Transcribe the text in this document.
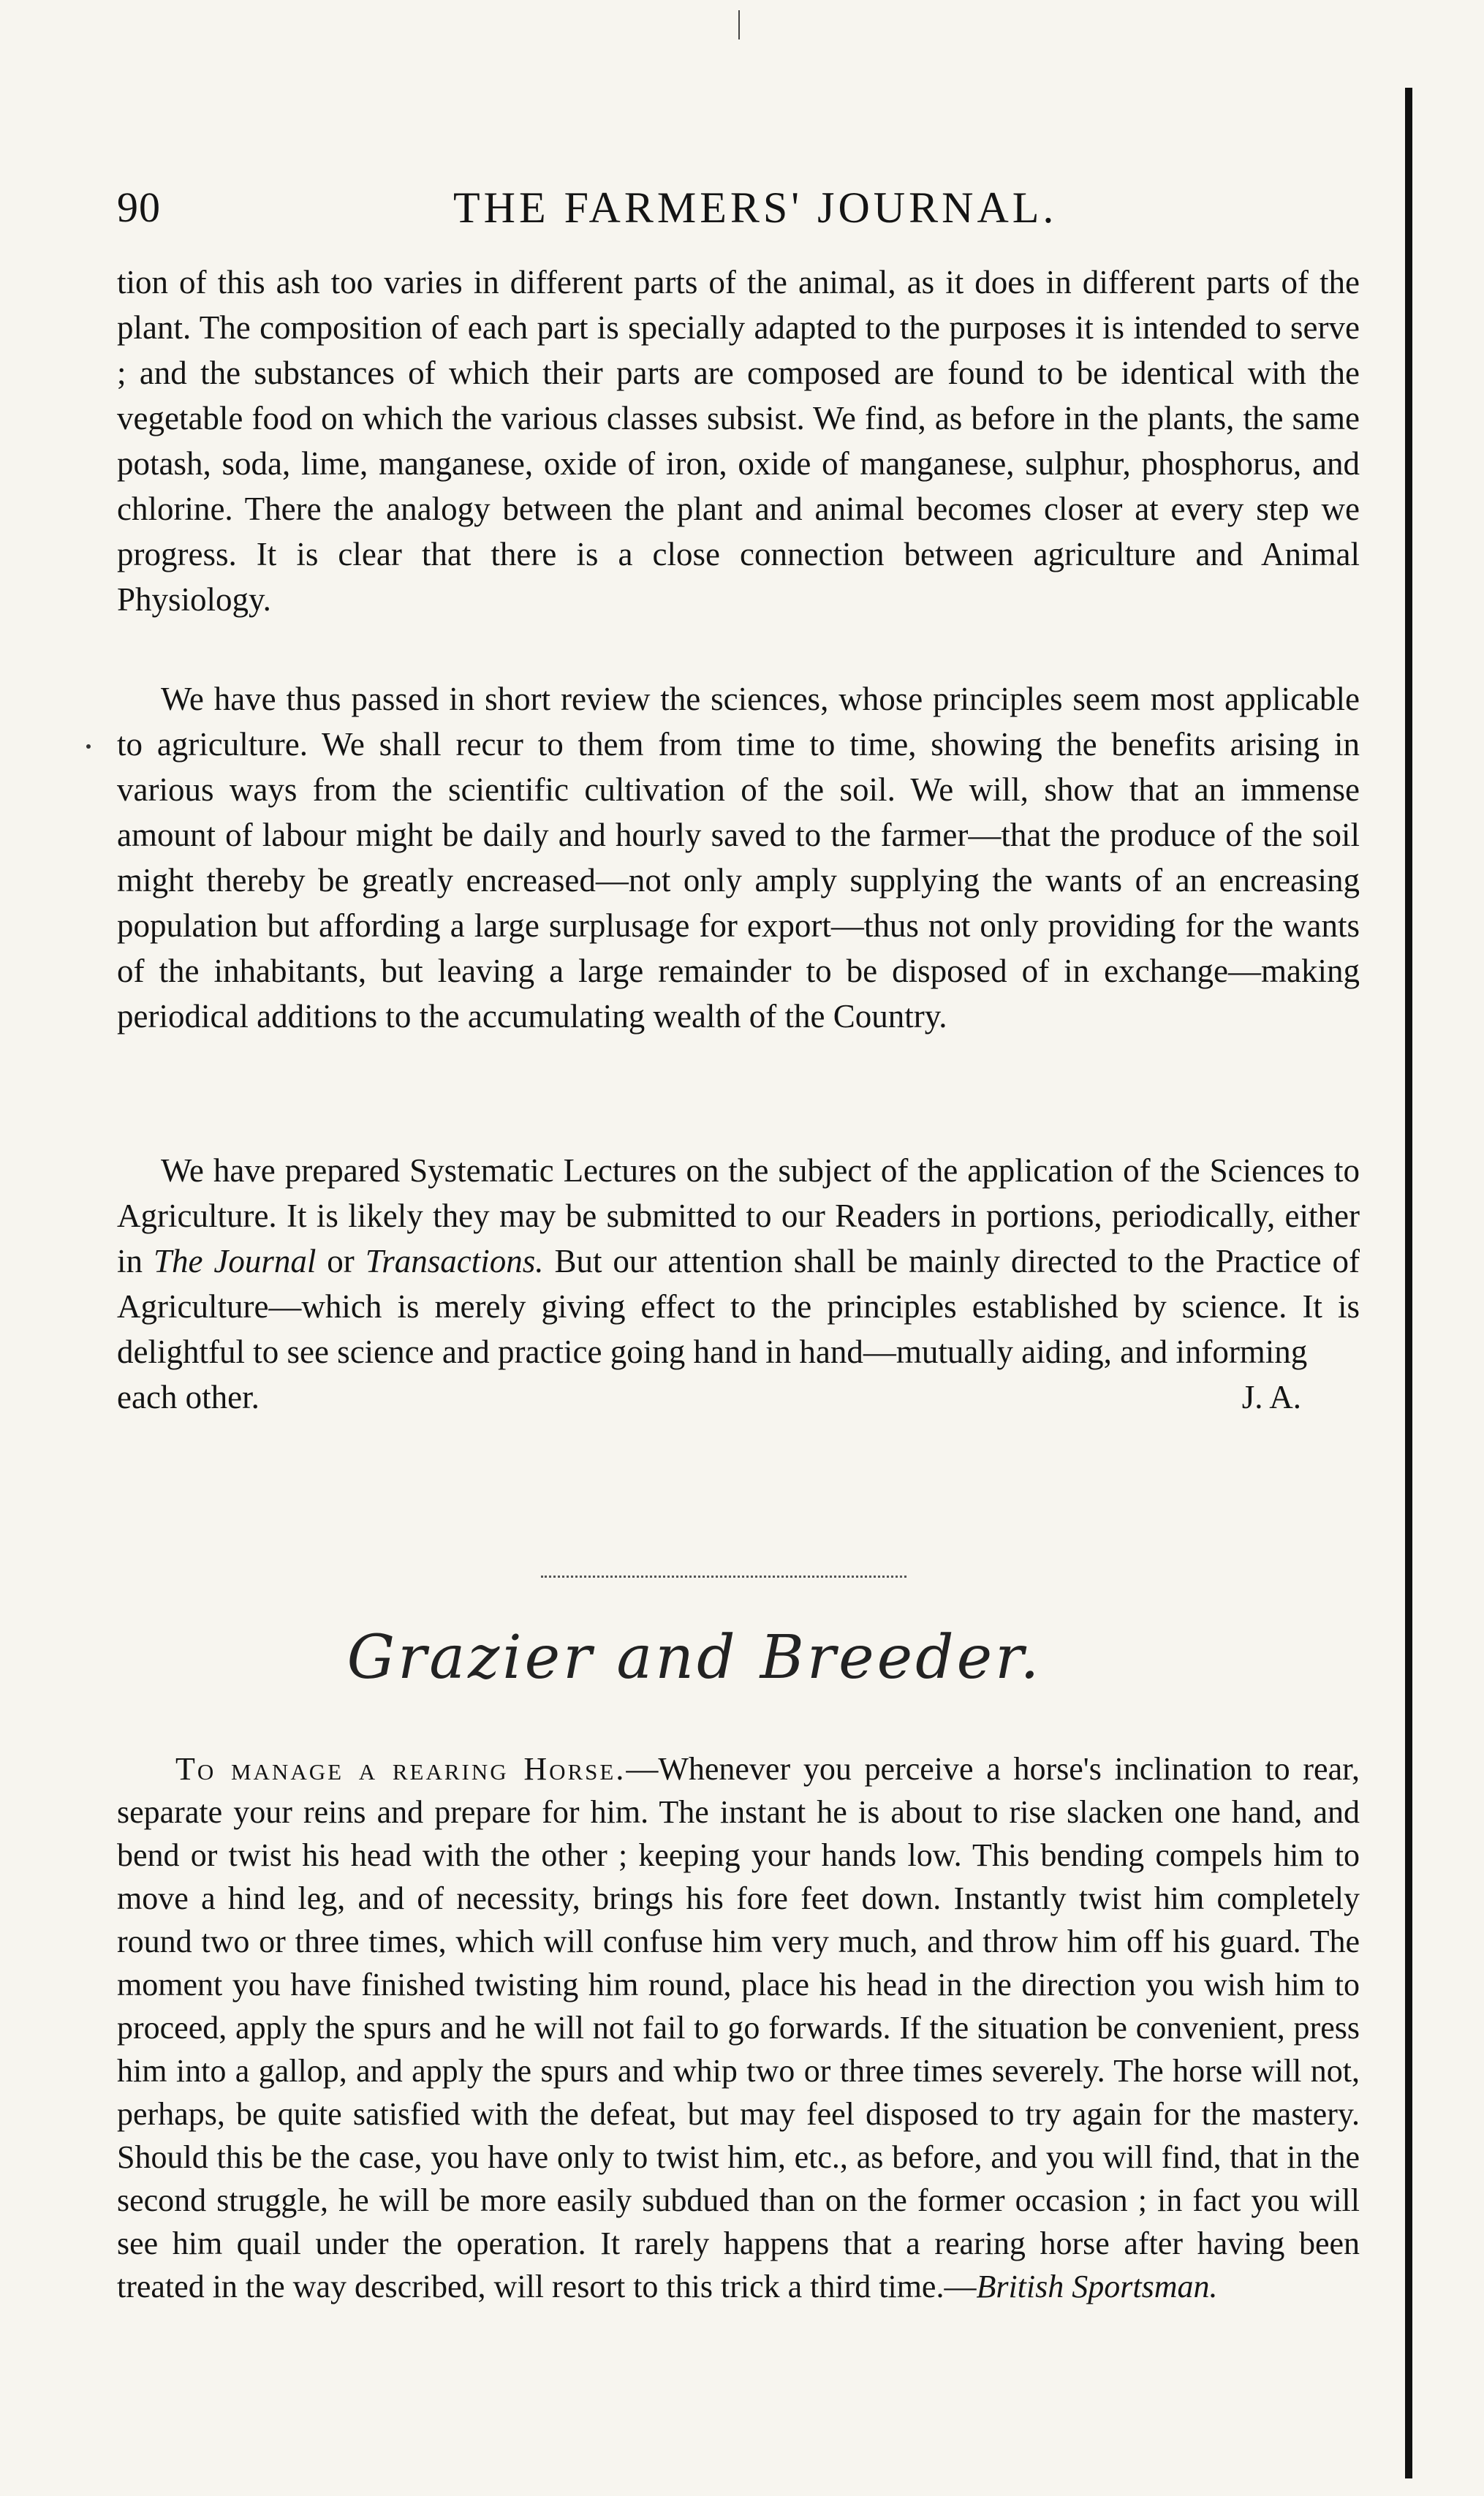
90	THE FARMERS' JOURNAL.

tion of this ash too varies in different parts of the animal, as it does in different parts of the plant. The composition of each part is specially adapted to the purposes it is intended to serve ; and the substances of which their parts are composed are found to be identical with the vegetable food on which the various classes subsist. We find, as before in the plants, the same potash, soda, lime, manganese, oxide of iron, oxide of manganese, sulphur, phosphorus, and chlorine. There the analogy between the plant and animal becomes closer at every step we progress. It is clear that there is a close connection between agriculture and Animal Physiology.

We have thus passed in short review the sciences, whose principles seem most applicable to agriculture. We shall recur to them from time to time, showing the benefits arising in various ways from the scientific cultivation of the soil. We will, show that an immense amount of labour might be daily and hourly saved to the farmer—that the produce of the soil might thereby be greatly encreased—not only amply supplying the wants of an encreasing population but affording a large surplusage for export—thus not only providing for the wants of the inhabitants, but leaving a large remainder to be disposed of in exchange—making periodical additions to the accumulating wealth of the Country.

We have prepared Systematic Lectures on the subject of the application of the Sciences to Agriculture. It is likely they may be submitted to our Readers in portions, periodically, either in The Journal or Transactions. But our attention shall be mainly directed to the Practice of Agriculture—which is merely giving effect to the principles established by science. It is delightful to see science and practice going hand in hand—mutually aiding, and informing

each other.	J. A.
Grazier and Breeder.

To manage a rearing Horse.—Whenever you perceive a horse's inclination to rear, separate your reins and prepare for him. The instant he is about to rise slacken one hand, and bend or twist his head with the other ; keeping your hands low. This bending compels him to move a hind leg, and of necessity, brings his fore feet down. Instantly twist him completely round two or three times, which will confuse him very much, and throw him off his guard. The moment you have finished twisting him round, place his head in the direction you wish him to proceed, apply the spurs and he will not fail to go forwards. If the situation be convenient, press him into a gallop, and apply the spurs and whip two or three times severely. The horse will not, perhaps, be quite satisfied with the defeat, but may feel disposed to try again for the mastery. Should this be the case, you have only to twist him, etc., as before, and you will find, that in the second struggle, he will be more easily subdued than on the former occasion ; in fact you will see him quail under the operation. It rarely happens that a rearing horse after having been treated in the way described, will resort to this trick a third time.—British Sportsman.
